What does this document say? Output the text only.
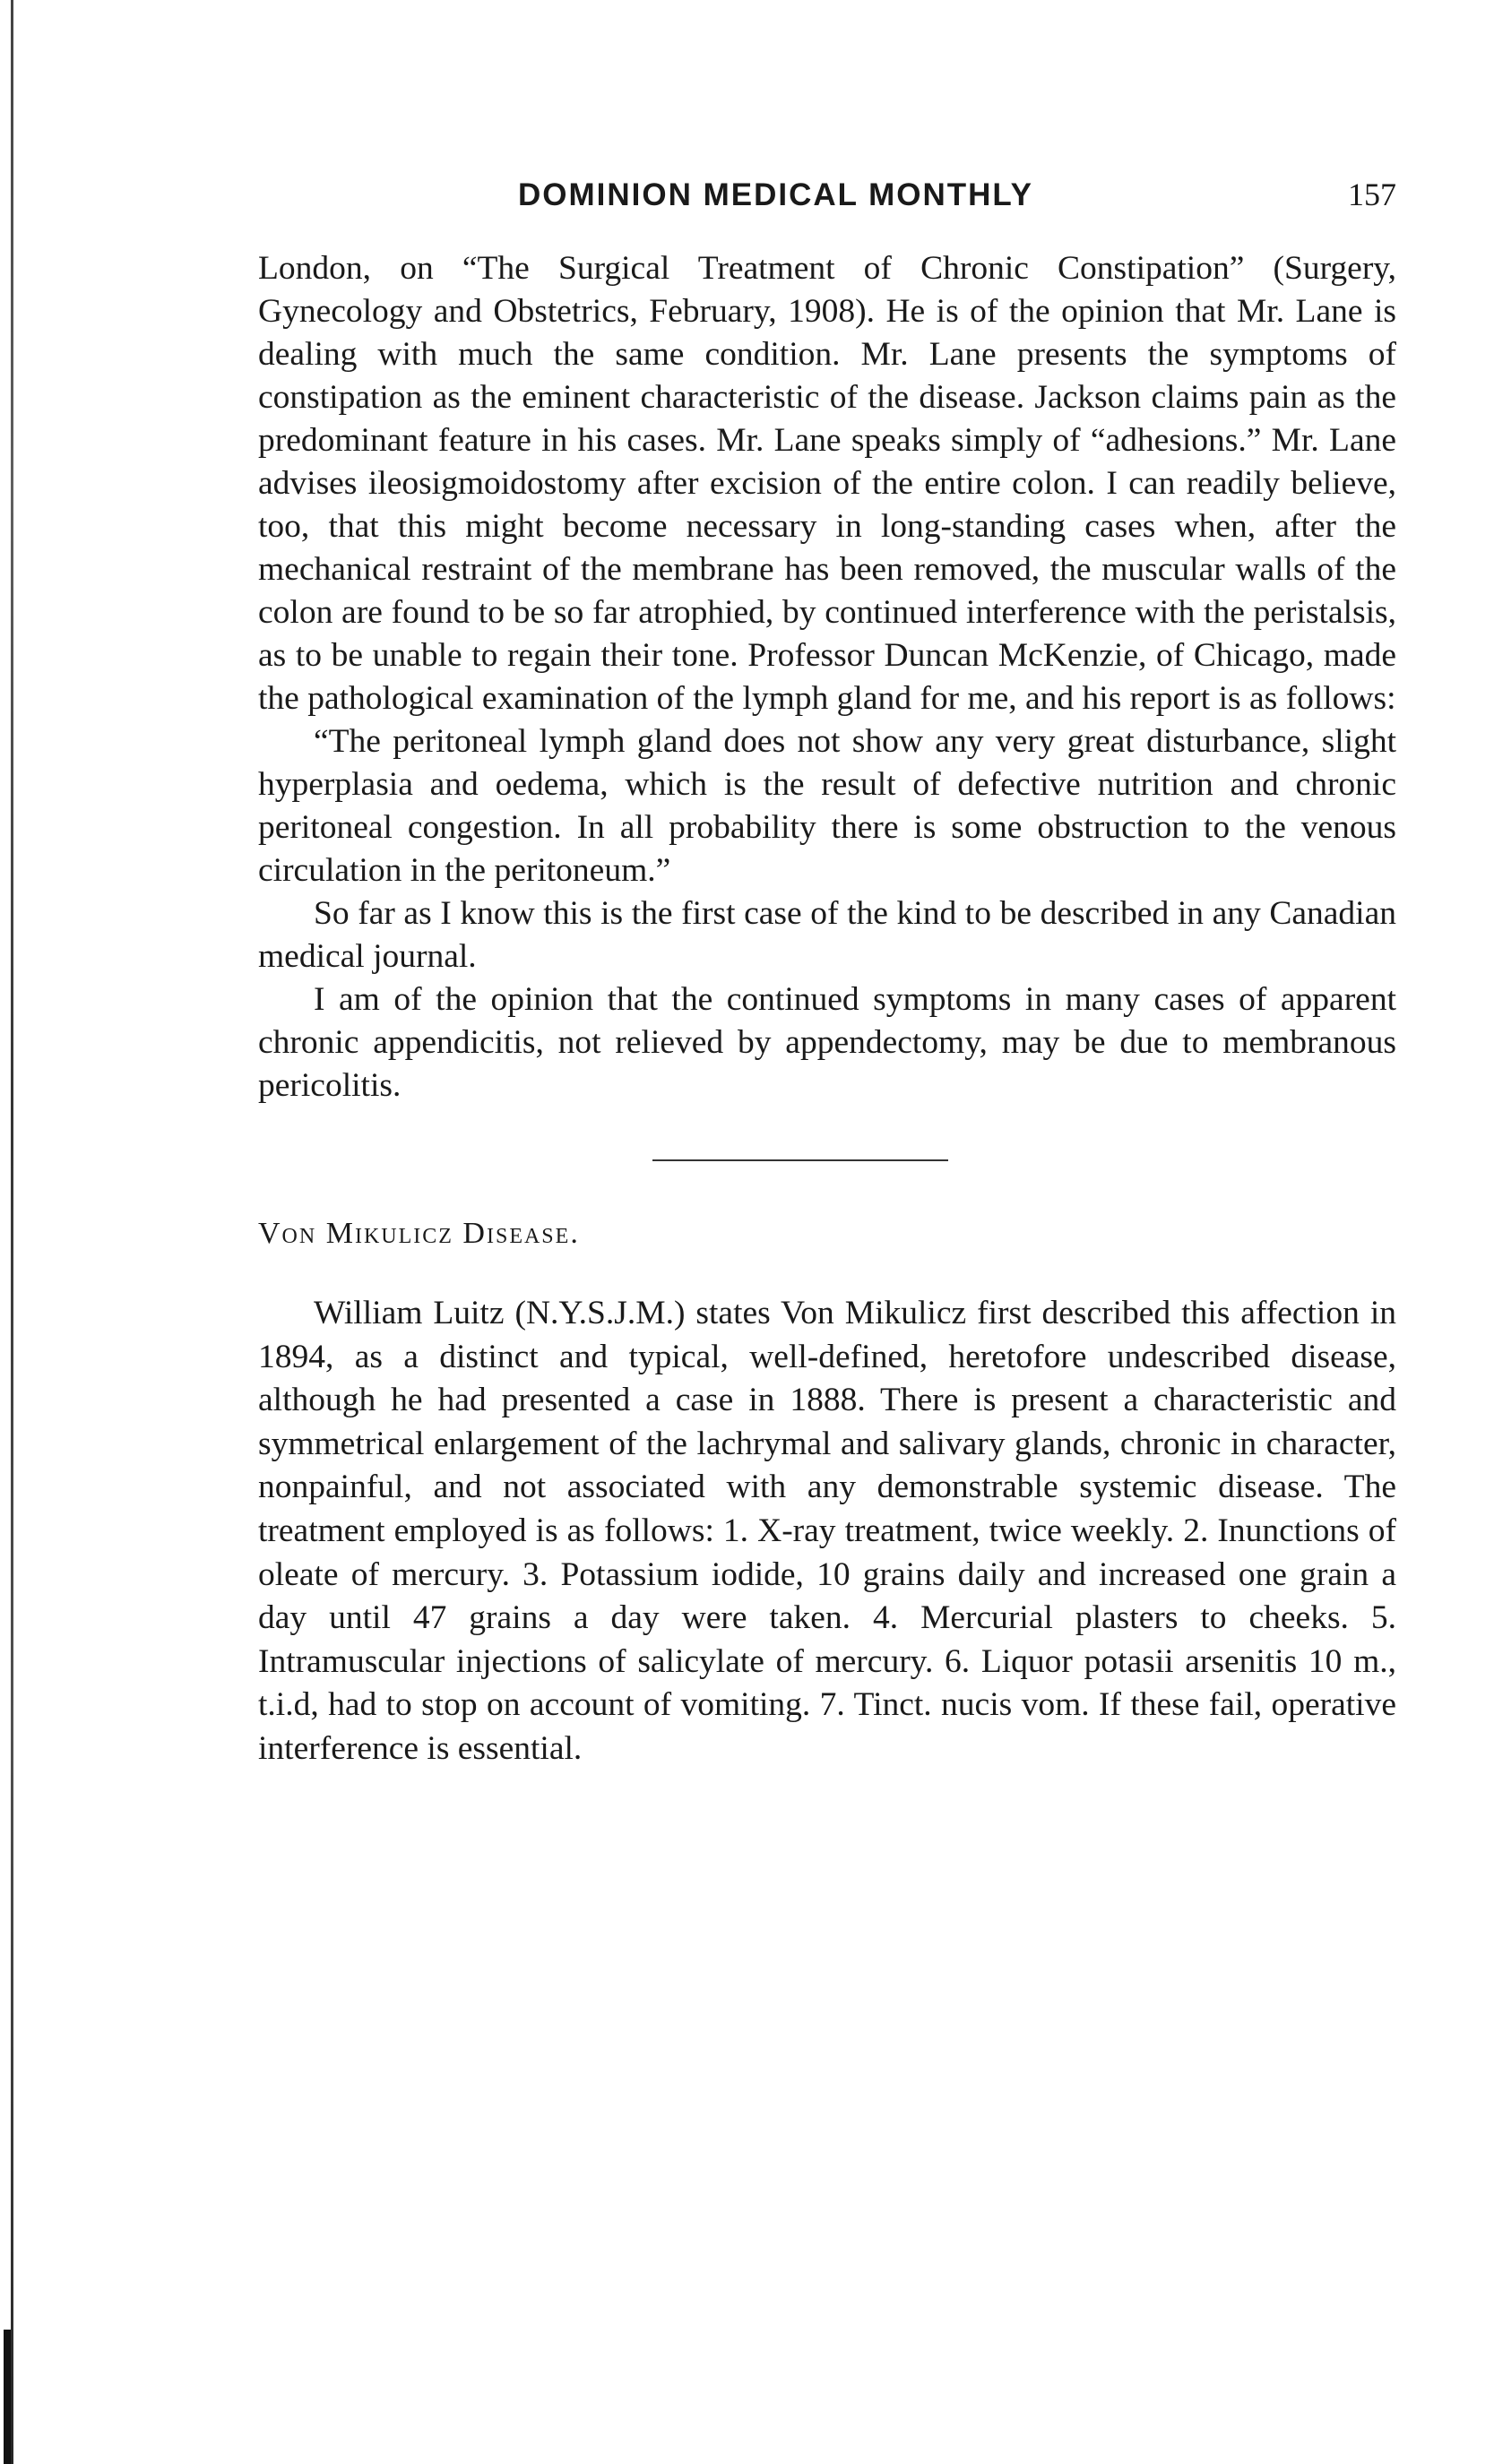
DOMINION MEDICAL MONTHLY	157

London, on “The Surgical Treatment of Chronic Constipation” (Surgery, Gynecology and Obstetrics, February, 1908). He is of the opinion that Mr. Lane is dealing with much the same condition. Mr. Lane presents the symptoms of constipation as the eminent characteristic of the disease. Jackson claims pain as the predominant feature in his cases. Mr. Lane speaks simply of “adhesions.” Mr. Lane advises ileosigmoidostomy after excision of the entire colon. I can readily believe, too, that this might become necessary in long-standing cases when, after the mechanical restraint of the membrane has been removed, the muscular walls of the colon are found to be so far atrophied, by continued interference with the peristalsis, as to be unable to regain their tone. Professor Duncan McKenzie, of Chicago, made the pathological examination of the lymph gland for me, and his report is as follows:

“The peritoneal lymph gland does not show any very great disturbance, slight hyperplasia and oedema, which is the result of defective nutrition and chronic peritoneal congestion. In all probability there is some obstruction to the venous circulation in the peritoneum.”

So far as I know this is the first case of the kind to be described in any Canadian medical journal.

I am of the opinion that the continued symptoms in many cases of apparent chronic appendicitis, not relieved by appendectomy, may be due to membranous pericolitis.

Von Mikulicz Disease.

William Luitz (N.Y.S.J.M.) states Von Mikulicz first described this affection in 1894, as a distinct and typical, well-defined, heretofore undescribed disease, although he had presented a case in 1888. There is present a characteristic and symmetrical enlargement of the lachrymal and salivary glands, chronic in character, nonpainful, and not associated with any demonstrable systemic disease. The treatment employed is as follows: 1. X-ray treatment, twice weekly. 2. Inunctions of oleate of mercury. 3. Potassium iodide, 10 grains daily and increased one grain a day until 47 grains a day were taken. 4. Mercurial plasters to cheeks. 5. Intramuscular injections of salicylate of mercury. 6. Liquor potasii arsenitis 10 m., t.i.d, had to stop on account of vomiting. 7. Tinct. nucis vom. If these fail, operative interference is essential.
